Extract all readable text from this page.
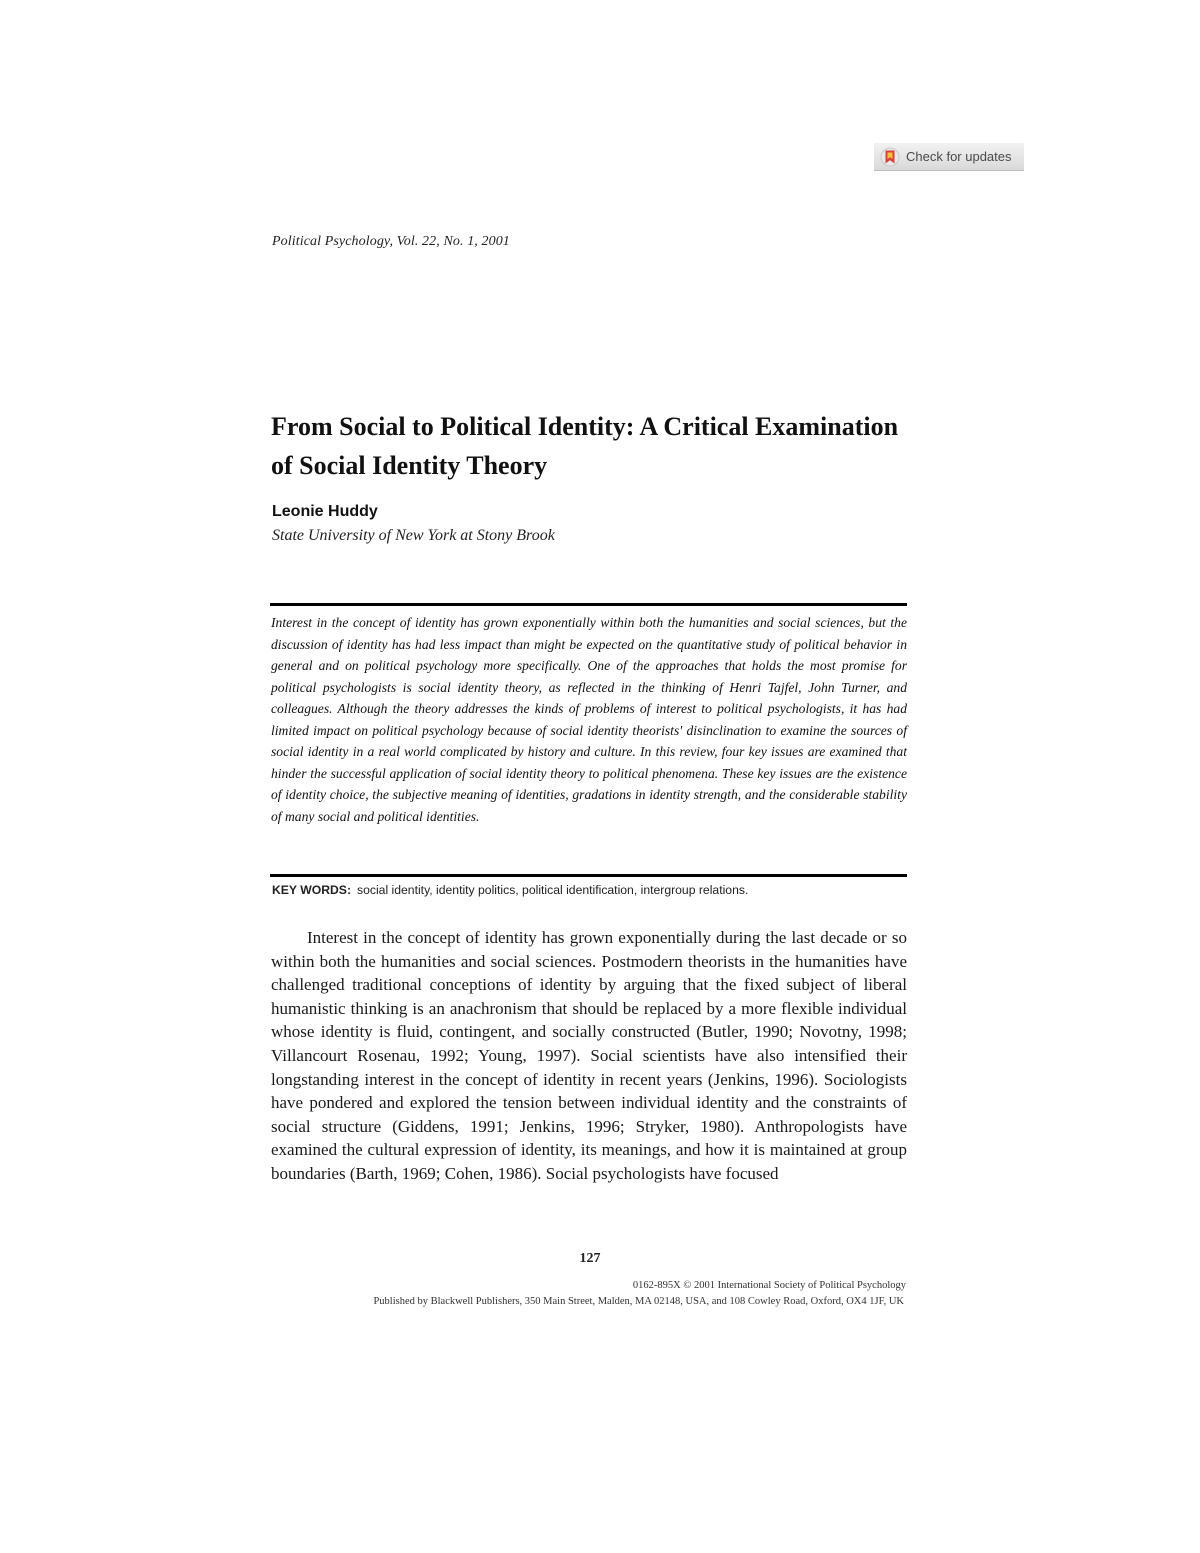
Check for updates
Political Psychology, Vol. 22, No. 1, 2001
From Social to Political Identity: A Critical Examination of Social Identity Theory
Leonie Huddy
State University of New York at Stony Brook

Interest in the concept of identity has grown exponentially within both the humanities and social sciences, but the discussion of identity has had less impact than might be expected on the quantitative study of political behavior in general and on political psychology more specifically. One of the approaches that holds the most promise for political psychologists is social identity theory, as reflected in the thinking of Henri Tajfel, John Turner, and colleagues. Although the theory addresses the kinds of problems of interest to political psychologists, it has had limited impact on political psychology because of social identity theorists' disinclination to examine the sources of social identity in a real world complicated by history and culture. In this review, four key issues are examined that hinder the successful application of social identity theory to political phenomena. These key issues are the existence of identity choice, the subjective meaning of identities, gradations in identity strength, and the considerable stability of many social and political identities.

KEY WORDS: social identity, identity politics, political identification, intergroup relations.

Interest in the concept of identity has grown exponentially during the last decade or so within both the humanities and social sciences. Postmodern theorists in the humanities have challenged traditional conceptions of identity by arguing that the fixed subject of liberal humanistic thinking is an anachronism that should be replaced by a more flexible individual whose identity is fluid, contingent, and socially constructed (Butler, 1990; Novotny, 1998; Villancourt Rosenau, 1992; Young, 1997). Social scientists have also intensified their longstanding interest in the concept of identity in recent years (Jenkins, 1996). Sociologists have pondered and explored the tension between individual identity and the constraints of social structure (Giddens, 1991; Jenkins, 1996; Stryker, 1980). Anthropologists have examined the cultural expression of identity, its meanings, and how it is maintained at group boundaries (Barth, 1969; Cohen, 1986). Social psychologists have focused

127
0162-895X © 2001 International Society of Political Psychology
Published by Blackwell Publishers, 350 Main Street, Malden, MA 02148, USA, and 108 Cowley Road, Oxford, OX4 1JF, UK
